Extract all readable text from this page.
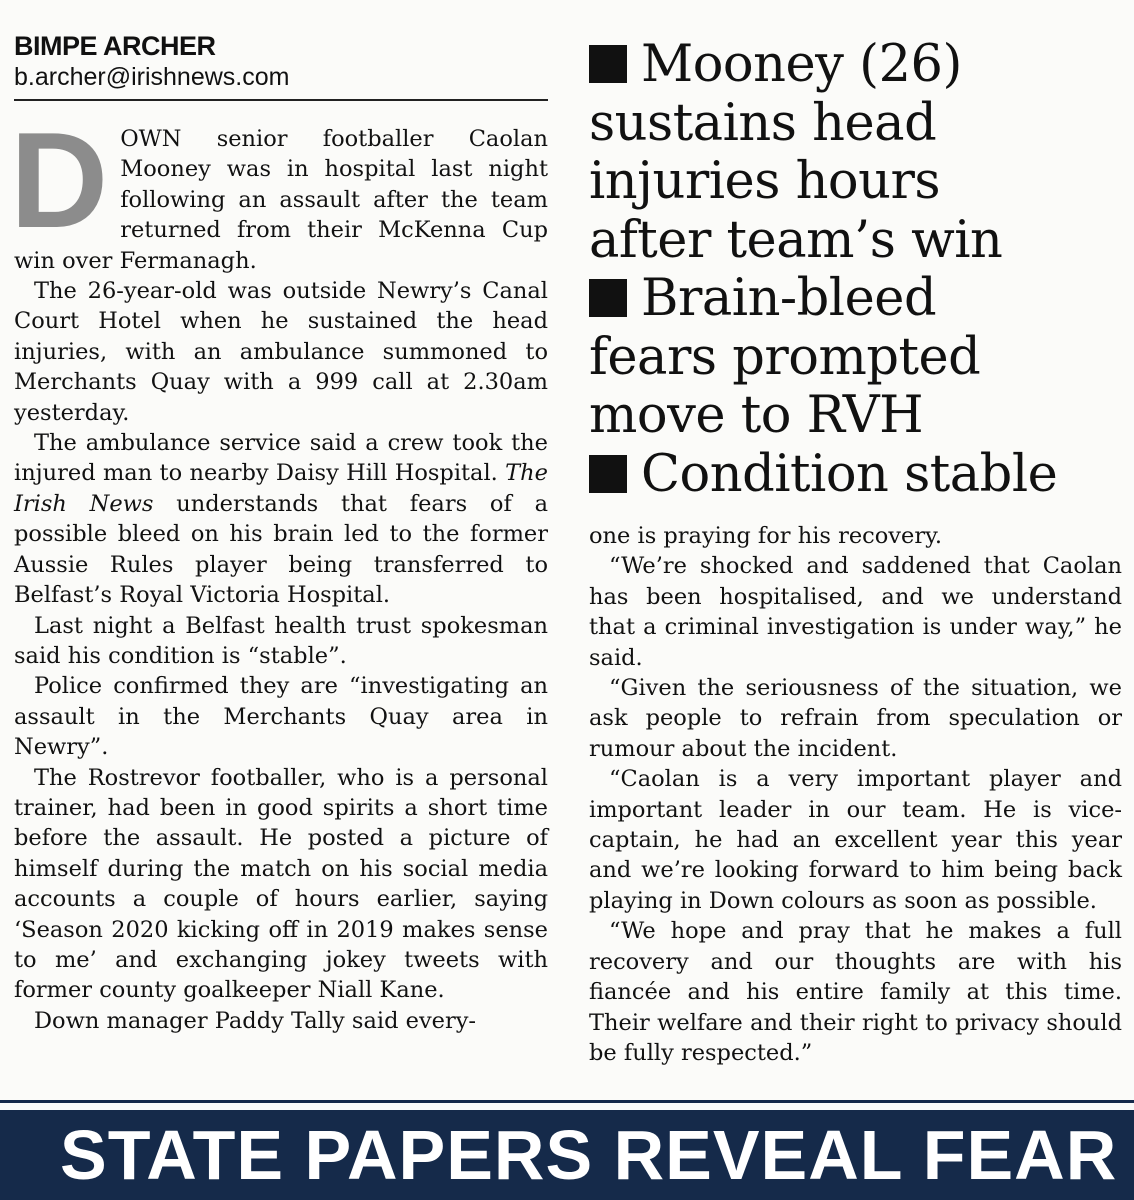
BIMPE ARCHER
b.archer@irishnews.com	Mooney (26)
sustains head
injuries hours
after team’s win
Brain-bleed
fears prompted
move to RVH
Condition stable

DOWN senior footballer Caolan Mooney was in hospital last night following an assault after the team returned from their McKenna Cup win over Fermanagh.

The 26-year-old was outside Newry’s Canal Court Hotel when he sustained the head injuries, with an ambulance summoned to Merchants Quay with a 999 call at 2.30am yesterday.

The ambulance service said a crew took the injured man to nearby Daisy Hill Hospital. The Irish News understands that fears of a possible bleed on his brain led to the former Aussie Rules player being transferred to Belfast’s Royal Victoria Hospital.

Last night a Belfast health trust spokesman said his condition is “stable”.

Police confirmed they are “investigating an assault in the Merchants Quay area in Newry”.

The Rostrevor footballer, who is a personal trainer, had been in good spirits a short time before the assault. He posted a picture of himself during the match on his social media accounts a couple of hours earlier, saying ‘Season 2020 kicking off in 2019 makes sense to me’ and exchanging jokey tweets with former county goalkeeper Niall Kane.

Down manager Paddy Tally said every-

one is praying for his recovery.

“We’re shocked and saddened that Caolan has been hospitalised, and we understand that a criminal investigation is under way,” he said.

“Given the seriousness of the situation, we ask people to refrain from speculation or rumour about the incident.

“Caolan is a very important player and important leader in our team. He is vice-captain, he had an excellent year this year and we’re looking forward to him being back playing in Down colours as soon as possible.

“We hope and pray that he makes a full recovery and our thoughts are with his fiancée and his entire family at this time. Their welfare and their right to privacy should be fully respected.”

STATE PAPERS REVEAL FEAR
